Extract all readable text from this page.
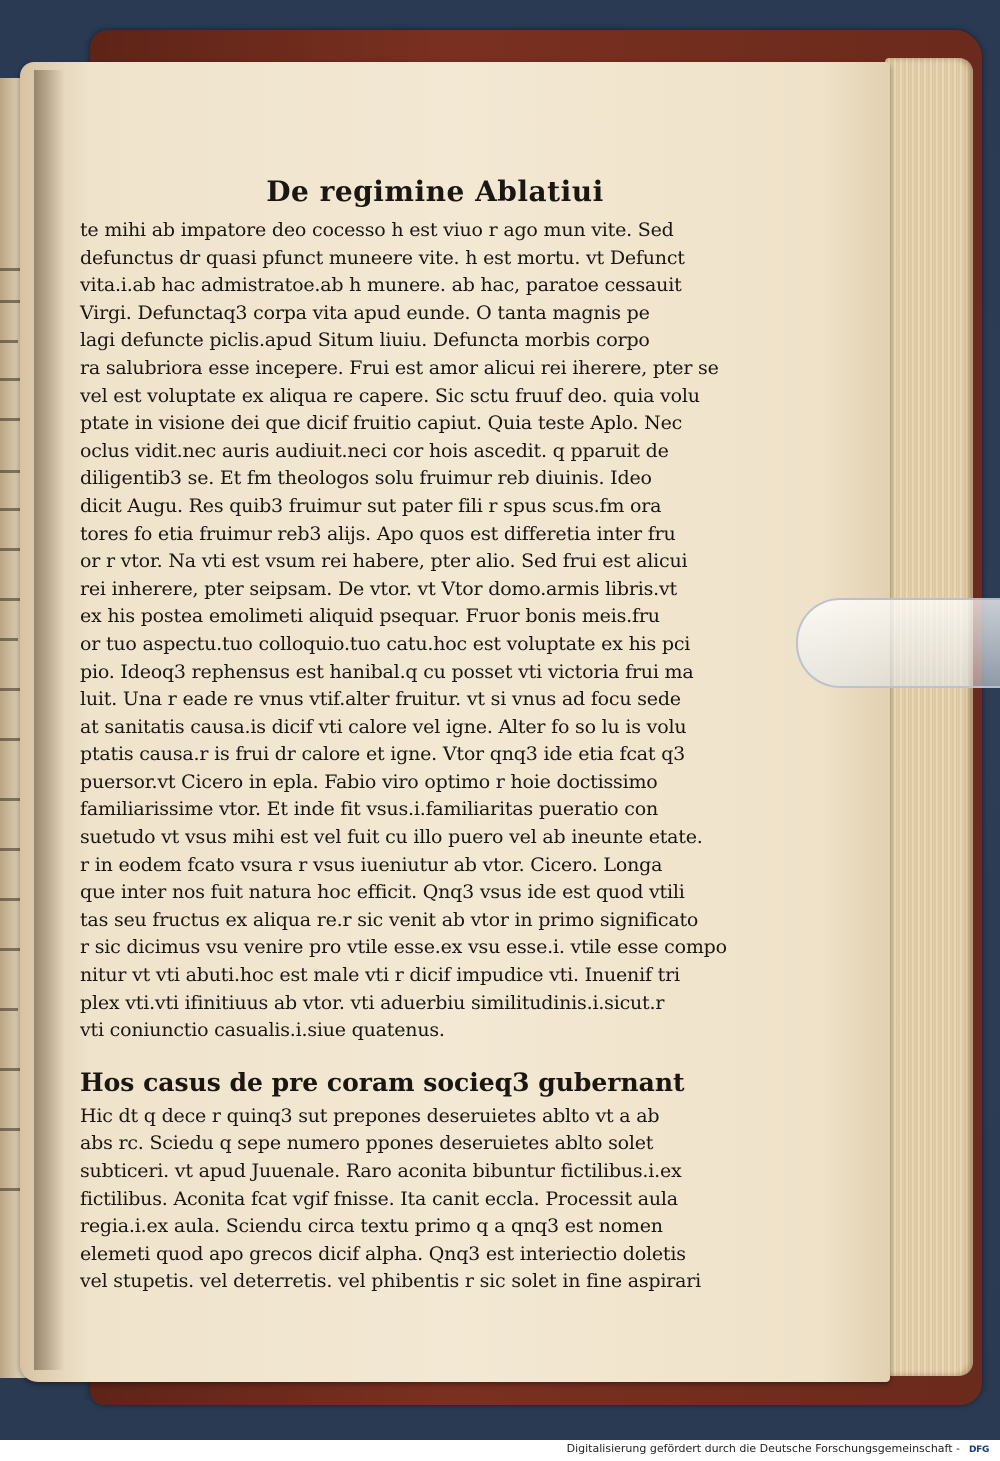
De regimine Ablatiui
te mihi ab impatore deo cocesso h est viuo r ago mun vite. Sed
defunctus dr quasi pfunct muneere vite. h est mortu. vt Defunct
vita.i.ab hac admistratoe.ab h munere. ab hac, paratoe cessauit
Virgi. Defunctaq3 corpa vita apud eunde. O tanta magnis pe
lagi defuncte piclis.apud Situm liuiu. Defuncta morbis corpo
ra salubriora esse incepere. Frui est amor alicui rei iherere, pter se
vel est voluptate ex aliqua re capere. Sic sctu fruuf deo. quia volu
ptate in visione dei que dicif fruitio capiut. Quia teste Aplo. Nec
oclus vidit.nec auris audiuit.neci cor hois ascedit. q pparuit de
diligentib3 se. Et fm theologos solu fruimur reb diuinis. Ideo
dicit Augu. Res quib3 fruimur sut pater fili r spus scus.fm ora
tores fo etia fruimur reb3 alijs. Apo quos est differetia inter fru
or r vtor. Na vti est vsum rei habere, pter alio. Sed frui est alicui
rei inherere, pter seipsam. De vtor. vt Vtor domo.armis libris.vt
ex his postea emolimeti aliquid psequar. Fruor bonis meis.fru
or tuo aspectu.tuo colloquio.tuo catu.hoc est voluptate ex his pci
pio. Ideoq3 rephensus est hanibal.q cu posset vti victoria frui ma
luit. Una r eade re vnus vtif.alter fruitur. vt si vnus ad focu sede
at sanitatis causa.is dicif vti calore vel igne. Alter fo so lu is volu
ptatis causa.r is frui dr calore et igne. Vtor qnq3 ide etia fcat q3
puersor.vt Cicero in epla. Fabio viro optimo r hoie doctissimo
familiarissime vtor. Et inde fit vsus.i.familiaritas pueratio con
suetudo vt vsus mihi est vel fuit cu illo puero vel ab ineunte etate.
r in eodem fcato vsura r vsus iueniutur ab vtor. Cicero. Longa
que inter nos fuit natura hoc efficit. Qnq3 vsus ide est quod vtili
tas seu fructus ex aliqua re.r sic venit ab vtor in primo significato
r sic dicimus vsu venire pro vtile esse.ex vsu esse.i. vtile esse compo
nitur vt vti abuti.hoc est male vti r dicif impudice vti. Inuenif tri
plex vti.vti ifinitiuus ab vtor. vti aduerbiu similitudinis.i.sicut.r
vti coniunctio casualis.i.siue quatenus.
Hos casus de pre coram socieq3 gubernant
Hic dt q dece r quinq3 sut prepones deseruietes ablto vt a ab
abs rc. Sciedu q sepe numero ppones deseruietes ablto solet
subticeri. vt apud Juuenale. Raro aconita bibuntur fictilibus.i.ex
fictilibus. Aconita fcat vgif fnisse. Ita canit eccla. Processit aula
regia.i.ex aula. Sciendu circa textu primo q a qnq3 est nomen
elemeti quod apo grecos dicif alpha. Qnq3 est interiectio doletis
vel stupetis. vel deterretis. vel phibentis r sic solet in fine aspirari
Digitalisierung gefördert durch die Deutsche Forschungsgemeinschaft - DFG
